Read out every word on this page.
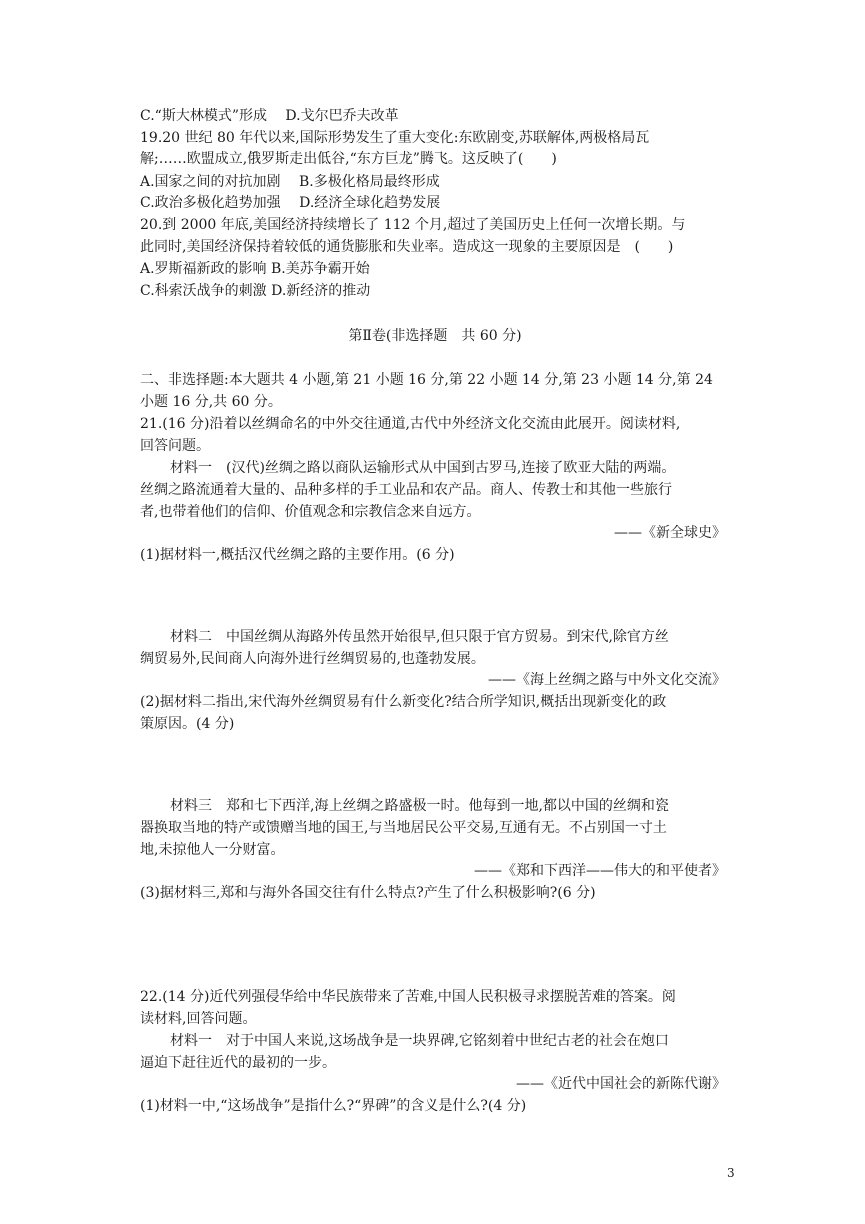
C.“斯大林模式”形成　 D.戈尔巴乔夫改革
19.20 世纪 80 年代以来,国际形势发生了重大变化:东欧剧变,苏联解体,两极格局瓦
解;……欧盟成立,俄罗斯走出低谷,“东方巨龙”腾飞。这反映了(　　)
A.国家之间的对抗加剧　 B.多极化格局最终形成
C.政治多极化趋势加强　 D.经济全球化趋势发展
20.到 2000 年底,美国经济持续增长了 112 个月,超过了美国历史上任何一次增长期。与
此同时,美国经济保持着较低的通货膨胀和失业率。造成这一现象的主要原因是　(　　)
A.罗斯福新政的影响 B.美苏争霸开始
C.科索沃战争的刺激 D.新经济的推动
第Ⅱ卷(非选择题　共 60 分)
二、非选择题:本大题共 4 小题,第 21 小题 16 分,第 22 小题 14 分,第 23 小题 14 分,第 24
小题 16 分,共 60 分。
21.(16 分)沿着以丝绸命名的中外交往通道,古代中外经济文化交流由此展开。阅读材料,
回答问题。
材料一　(汉代)丝绸之路以商队运输形式从中国到古罗马,连接了欧亚大陆的两端。
丝绸之路流通着大量的、品种多样的手工业品和农产品。商人、传教士和其他一些旅行
者,也带着他们的信仰、价值观念和宗教信念来自远方。
——《新全球史》
(1)据材料一,概括汉代丝绸之路的主要作用。(6 分)
材料二　中国丝绸从海路外传虽然开始很早,但只限于官方贸易。到宋代,除官方丝
绸贸易外,民间商人向海外进行丝绸贸易的,也蓬勃发展。
——《海上丝绸之路与中外文化交流》
(2)据材料二指出,宋代海外丝绸贸易有什么新变化?结合所学知识,概括出现新变化的政
策原因。(4 分)
材料三　郑和七下西洋,海上丝绸之路盛极一时。他每到一地,都以中国的丝绸和瓷
器换取当地的特产或馈赠当地的国王,与当地居民公平交易,互通有无。不占别国一寸土
地,未掠他人一分财富。
——《郑和下西洋——伟大的和平使者》
(3)据材料三,郑和与海外各国交往有什么特点?产生了什么积极影响?(6 分)
22.(14 分)近代列强侵华给中华民族带来了苦难,中国人民积极寻求摆脱苦难的答案。阅
读材料,回答问题。
材料一　对于中国人来说,这场战争是一块界碑,它铭刻着中世纪古老的社会在炮口
逼迫下赶往近代的最初的一步。
——《近代中国社会的新陈代谢》
(1)材料一中,“这场战争”是指什么?“界碑”的含义是什么?(4 分)
3
